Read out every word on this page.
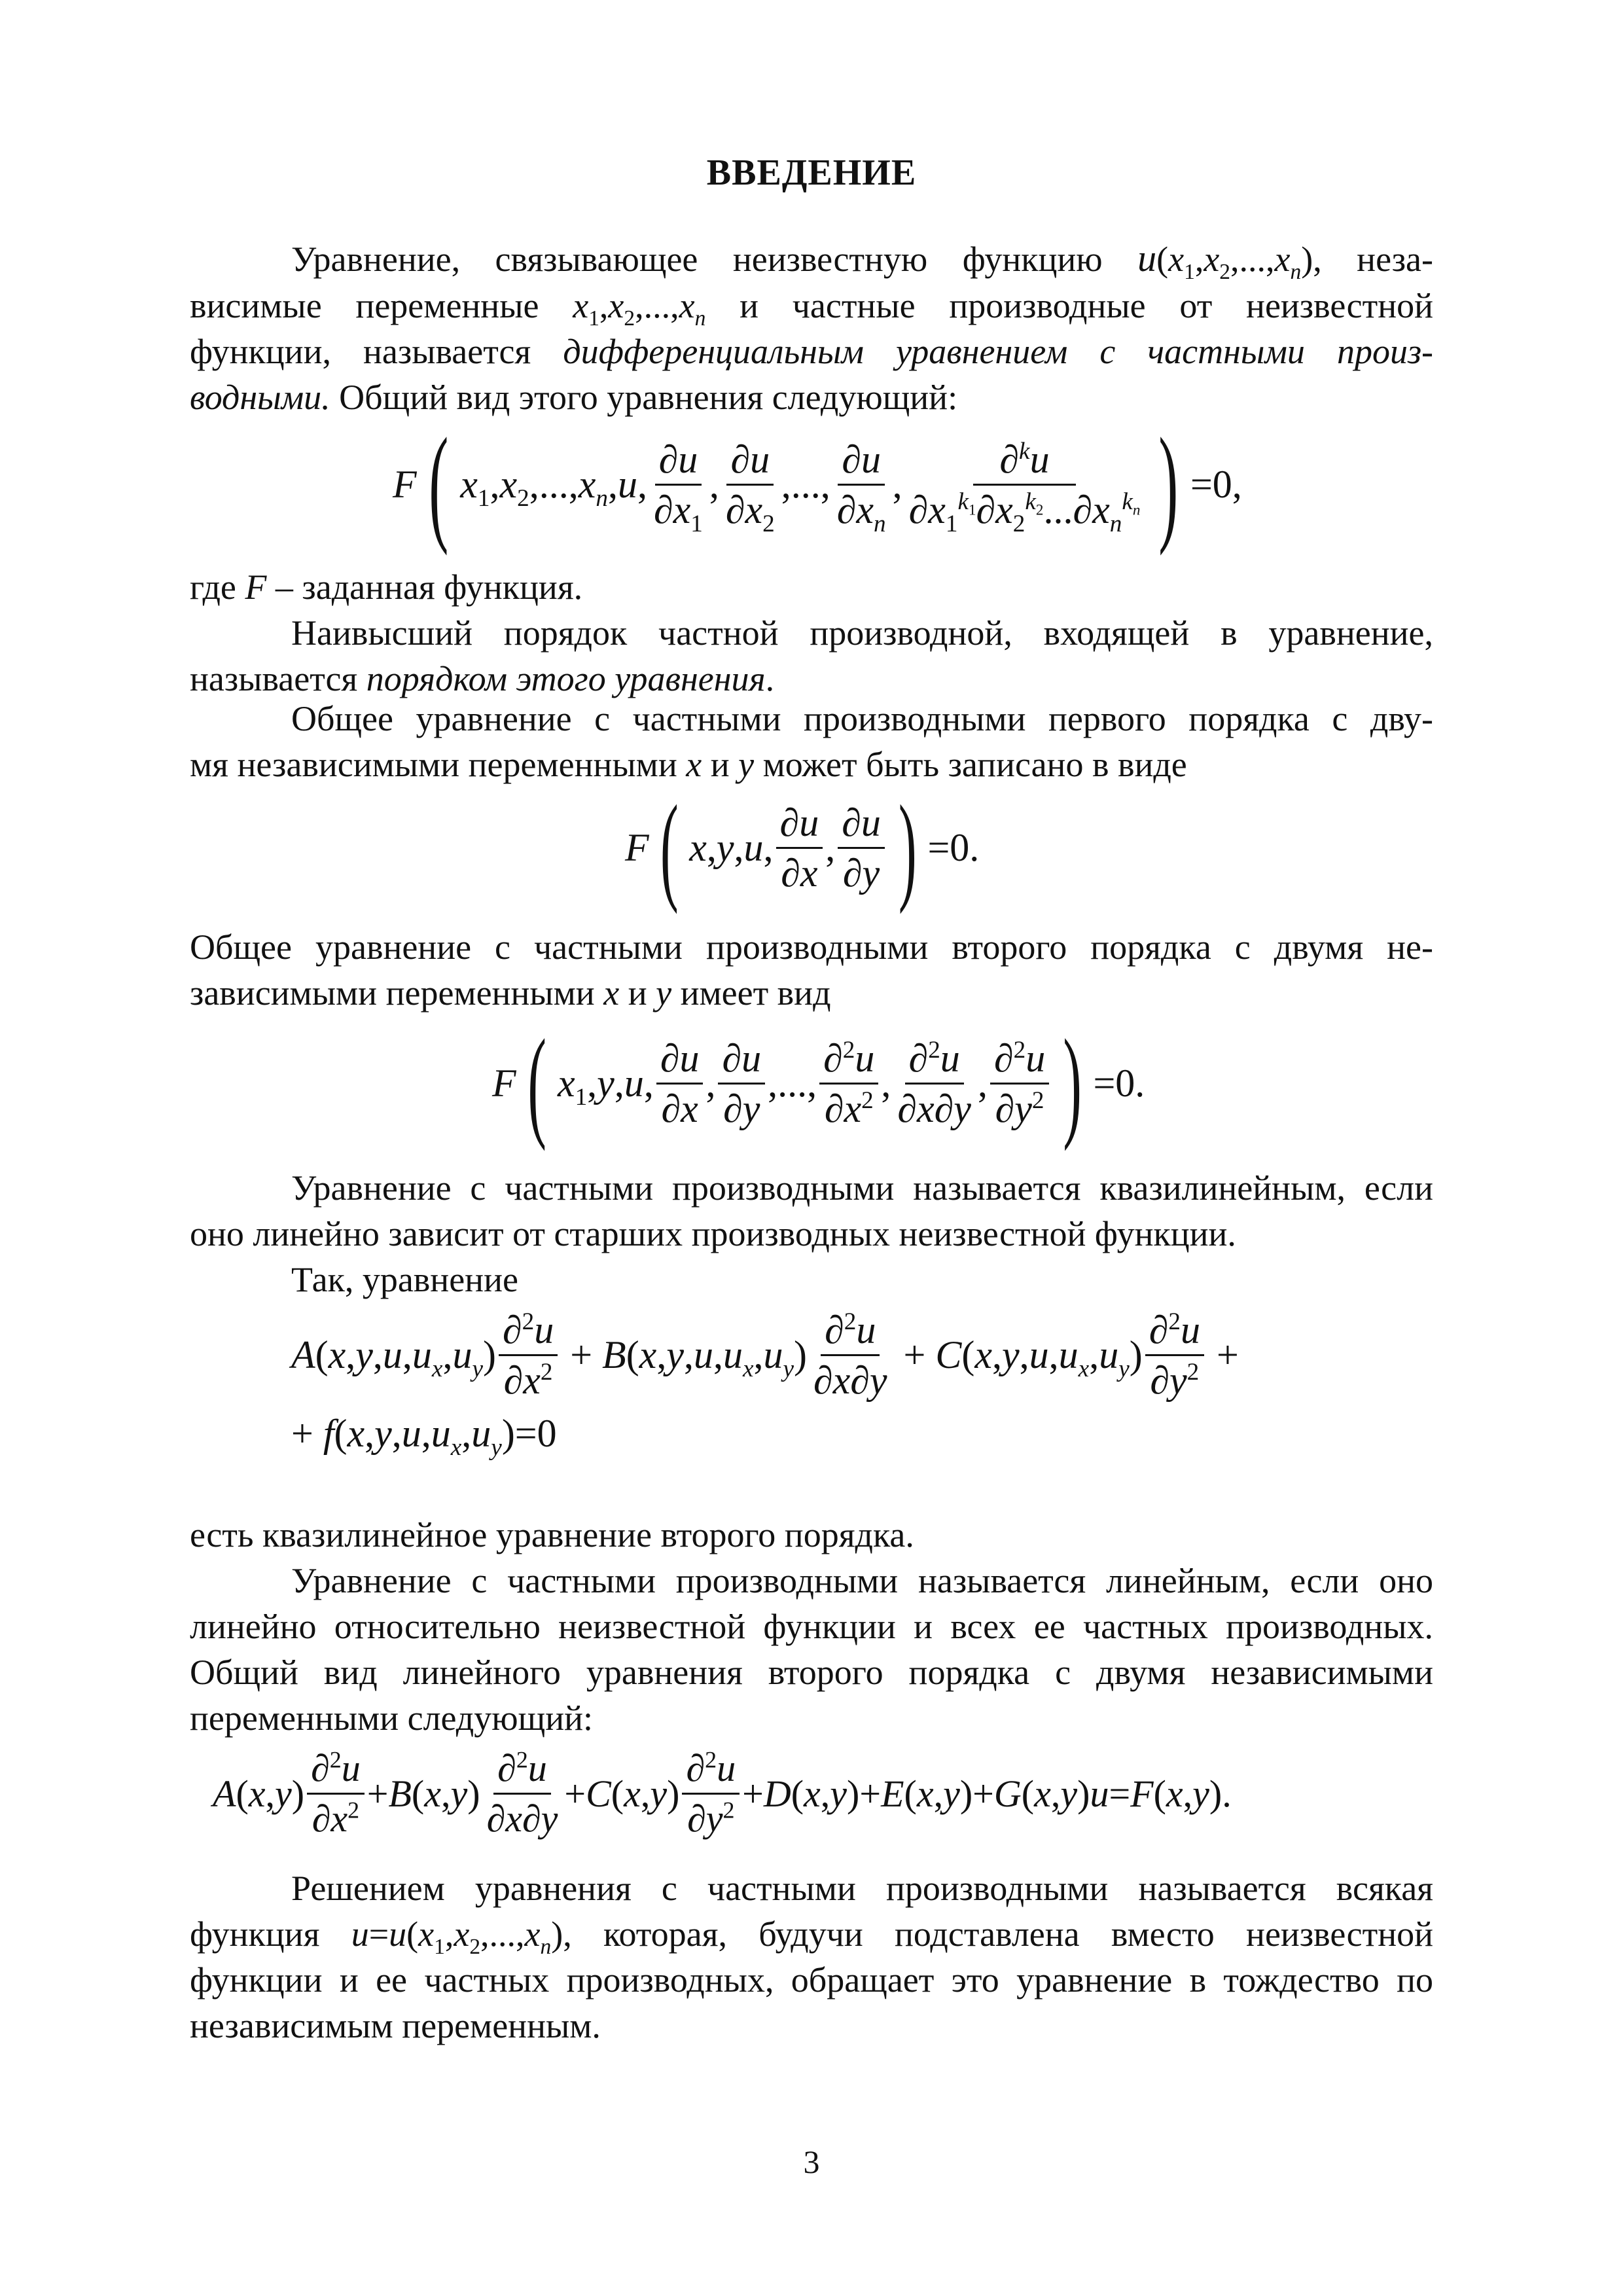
ВВЕДЕНИЕ

Уравнение, связывающее неизвестную функцию $u(x_1,x_2,...,x_n)$, неза-

висимые переменные $x_1,x_2,...,x_n$ и частные производные от неизвестной

функции, называется дифференциальным уравнением с частными произ-

водными. Общий вид этого уравнения следующий:

F ( $x_1,x_2,...,x_n,u$, $\frac{\partial u}{\partial x_1}$ , $\frac{\partial u}{\partial x_2}$ ,..., $\frac{\partial u}{\partial x_n}$ , $\frac{\partial^ku}{\partial x_1^{k_1}\partial x_2^{k_2}...\partial x_n^{k_n}}$ ) =0,
где F – заданная функция.

Наивысший порядок частной производной, входящей в уравнение, называется порядком этого уравнения.

Общее уравнение с частными производными первого порядка с дву-

мя независимыми переменными x и y может быть записано в виде
F ( x,y,u, $\frac{\partial u}{\partial x}$ , $\frac{\partial u}{\partial y}$ ) =0.

Общее уравнение с частными производными второго порядка с двумя не-

зависимыми переменными x и y имеет вид
F ( $x_1,y,u$, $\frac{\partial u}{\partial x}$ , $\frac{\partial u}{\partial y}$ ,..., $\frac{\partial^2u}{\partial x^2}$ , $\frac{\partial^2u}{\partial x\partial y}$ , $\frac{\partial^2u}{\partial y^2}$ ) =0.

Уравнение с частными производными называется квазилинейным, если оно линейно зависит от старших производных неизвестной функции.

Так, уравнение
$A(x,y,u,u_x,u_y) \frac{\partial^2u}{\partial x^2} + B(x,y,u,u_x,u_y) \frac{\partial^2u}{\partial x\partial y} + C(x,y,u,u_x,u_y) \frac{\partial^2u}{\partial y^2}$ +
+ $f(x,y,u,u_x,u_y)=0$
есть квазилинейное уравнение второго порядка.

Уравнение с частными производными называется линейным, если оно линейно относительно неизвестной функции и всех ее частных производных. Общий вид линейного уравнения второго порядка с двумя независимыми переменными следующий:

$A(x,y) \frac{\partial^2u}{\partial x^2} + B(x,y) \frac{\partial^2u}{\partial x\partial y} + C(x,y) \frac{\partial^2u}{\partial y^2} + D(x,y) + E(x,y) + G(x,y)u = F(x,y)$.

Решением уравнения с частными производными называется всякая функция $u=u(x_1,x_2,...,x_n)$, которая, будучи подставлена вместо неизвестной функции и ее частных производных, обращает это уравнение в тождество по независимым переменным.

3
